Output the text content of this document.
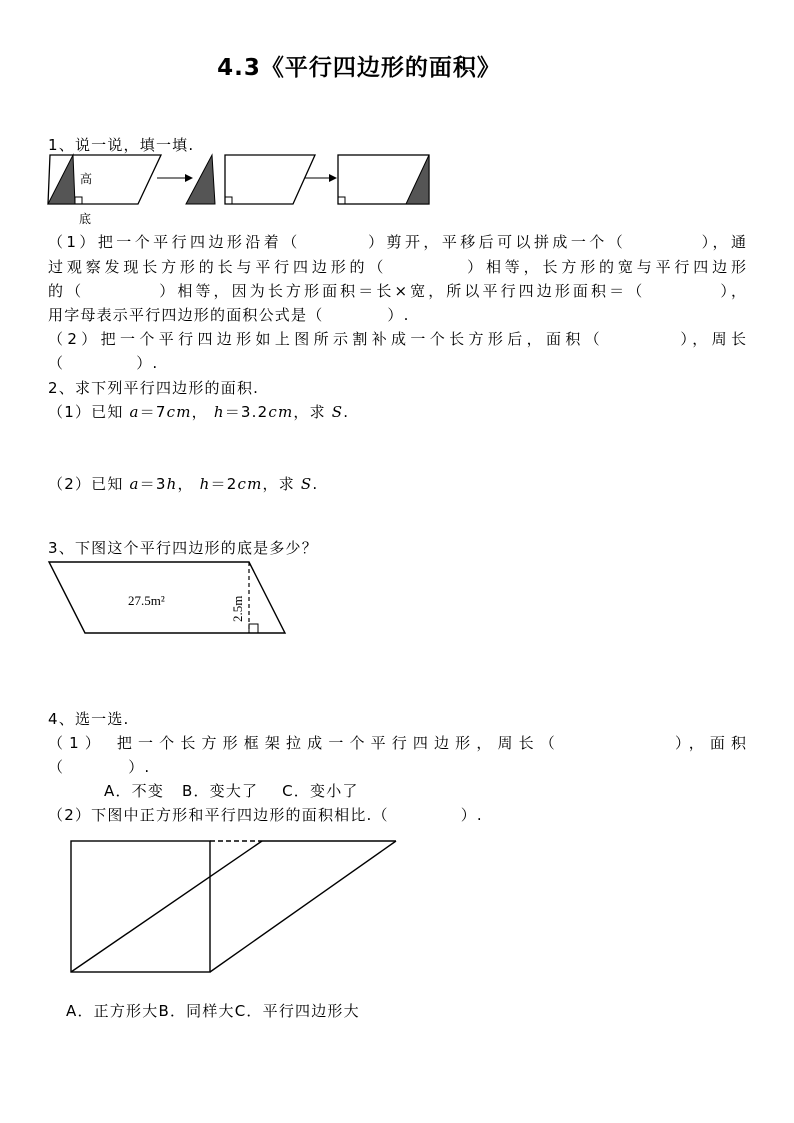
4.3《平行四边形的面积》
1、说一说，填一填.
高
底
（1）把一个平行四边形沿着（	）剪开，平移后可以拼成一个（	），通
过观察发现长方形的长与平行四边形的（	）相等，长方形的宽与平行四边形
的（	）相等，因为长方形面积＝长×宽，所以平行四边形面积＝（	），
用字母表示平行四边形的面积公式是（	）.
（2）把一个平行四边形如上图所示割补成一个长方形后，面积（	），周长
（	）.
2、求下列平行四边形的面积.
（1）已知 a＝7cm， h＝3.2cm，求 S.
（2）已知 a＝3h， h＝2cm，求 S.
3、下图这个平行四边形的底是多少？
27.5m²	2.5m
4、选一选.
（1） 把一个长方形框架拉成一个平行四边形，周长（	），面积
（	）.
A．不变   B．变大了    C．变小了
（2）下图中正方形和平行四边形的面积相比.（	）.
A．正方形大B．同样大C．平行四边形大
